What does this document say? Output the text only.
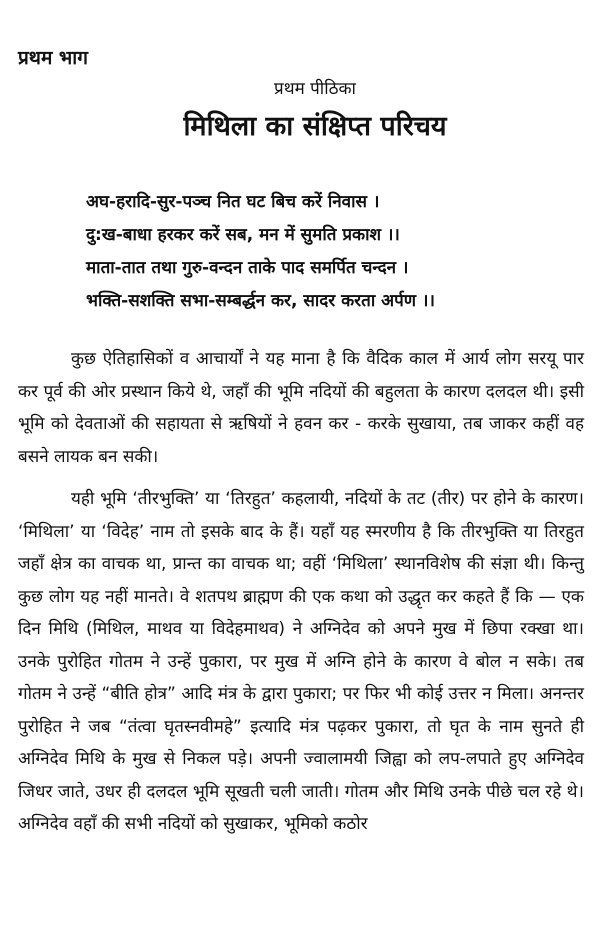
प्रथम भाग
प्रथम पीठिका
मिथिला का संक्षिप्त परिचय
अघ-हरादि-सुर-पञ्च नित घट बिच करें निवास ।
दु:ख-बाधा हरकर करें सब, मन में सुमति प्रकाश ।।
माता-तात तथा गुरु-वन्दन ताके पाद समर्पित चन्दन ।
भक्ति-सशक्ति सभा-सम्बर्द्धन कर, सादर करता अर्पण ।।

कुछ ऐतिहासिकों व आचार्यों ने यह माना है कि वैदिक काल में आर्य लोग सरयू पार कर पूर्व की ओर प्रस्थान किये थे, जहाँ की भूमि नदियों की बहुलता के कारण दलदल थी। इसी भूमि को देवताओं की सहायता से ऋषियों ने हवन कर - करके सुखाया, तब जाकर कहीं वह बसने लायक बन सकी।

यही भूमि ‘तीरभुक्ति’ या ‘तिरहुत’ कहलायी, नदियों के तट (तीर) पर होने के कारण। ‘मिथिला’ या ‘विदेह’ नाम तो इसके बाद के हैं। यहाँ यह स्मरणीय है कि तीरभुक्ति या तिरहुत जहाँ क्षेत्र का वाचक था, प्रान्त का वाचक था; वहीं ‘मिथिला’ स्थानविशेष की संज्ञा थी। किन्तु कुछ लोग यह नहीं मानते। वे शतपथ ब्राह्मण की एक कथा को उद्धृत कर कहते हैं कि — एक दिन मिथि (मिथिल, माथव या विदेहमाथव) ने अग्निदेव को अपने मुख में छिपा रक्खा था। उनके पुरोहित गोतम ने उन्हें पुकारा, पर मुख में अग्नि होने के कारण वे बोल न सके। तब गोतम ने उन्हें “बीति होत्र” आदि मंत्र के द्वारा पुकारा; पर फिर भी कोई उत्तर न मिला। अनन्तर पुरोहित ने जब “तंत्वा घृतस्नवीमहे” इत्यादि मंत्र पढ़कर पुकारा, तो घृत के नाम सुनते ही अग्निदेव मिथि के मुख से निकल पड़े। अपनी ज्वालामयी जिह्वा को लप-लपाते हुए अग्निदेव जिधर जाते, उधर ही दलदल भूमि सूखती चली जाती। गोतम और मिथि उनके पीछे चल रहे थे। अग्निदेव वहाँ की सभी नदियों को सुखाकर, भूमिको कठोर
